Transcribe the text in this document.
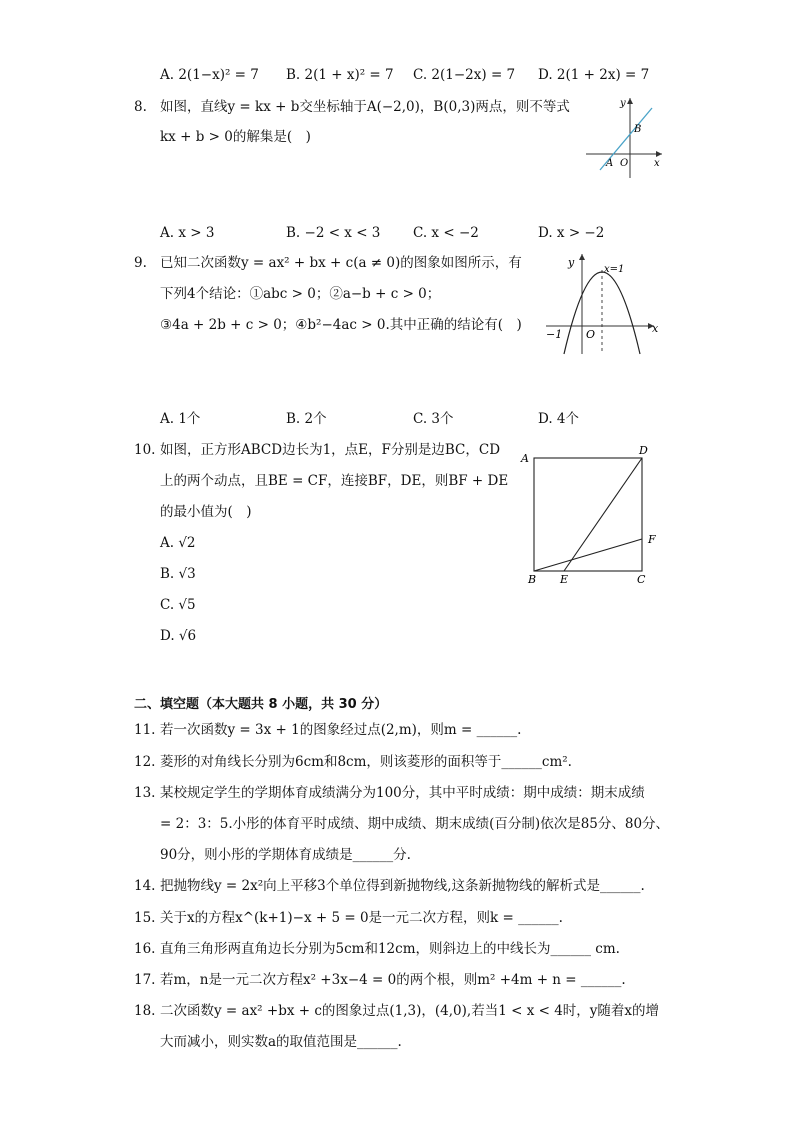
A. 2(1−x)² = 7 B. 2(1 + x)² = 7 C. 2(1−2x) = 7 D. 2(1 + 2x) = 7
8. 如图，直线y = kx + b交坐标轴于A(−2,0)，B(0,3)两点，则不等式
kx + b > 0的解集是(　)
y
x
B
A O
A. x > 3	B. −2 < x < 3 C. x < −2	D. x > −2
9. 已知二次函数y = ax² + bx + c(a ≠ 0)的图象如图所示，有
下列4个结论：①abc > 0；②a−b + c > 0；
③4a + 2b + c > 0；④b²−4ac > 0.其中正确的结论有(　)
y
x
x=1
−1 O
A. 1个	B. 2个	C. 3个	D. 4个
10. 如图，正方形ABCD边长为1，点E，F分别是边BC，CD
上的两个动点，且BE = CF，连接BF，DE，则BF + DE
的最小值为(　)
A. √2
B. √3
C. √5
D. √6
A
D
B E	C
F
二、填空题（本大题共 8 小题，共 30 分）
11. 若一次函数y = 3x + 1的图象经过点(2,m)，则m = ______.
12. 菱形的对角线长分别为6cm和8cm，则该菱形的面积等于______cm².
13. 某校规定学生的学期体育成绩满分为100分，其中平时成绩：期中成绩：期末成绩
= 2：3：5.小彤的体育平时成绩、期中成绩、期末成绩(百分制)依次是85分、80分、
90分，则小彤的学期体育成绩是______分.
14. 把抛物线y = 2x²向上平移3个单位得到新抛物线,这条新抛物线的解析式是______.
15. 关于x的方程x^(k+1)−x + 5 = 0是一元二次方程，则k = ______.
16. 直角三角形两直角边长分别为5cm和12cm，则斜边上的中线长为______ cm.
17. 若m，n是一元二次方程x² +3x−4 = 0的两个根，则m² +4m + n = ______.
18. 二次函数y = ax² +bx + c的图象过点(1,3)，(4,0),若当1 < x < 4时，y随着x的增
大而减小，则实数a的取值范围是______.
